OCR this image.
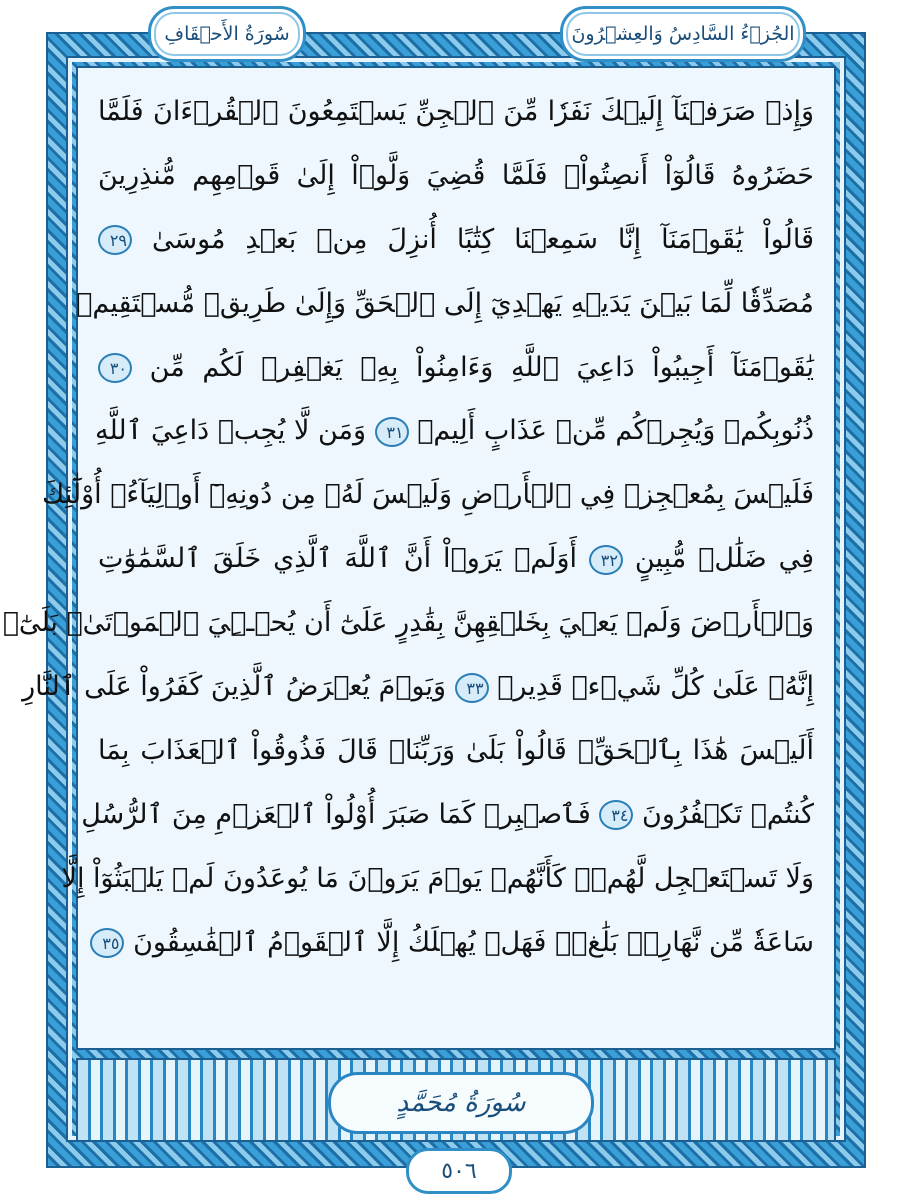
سُورَةُ الأَحۡقَافِ	الجُزۡءُ السَّادِسُ وَالعِشۡرُونَ
وَإِذۡ صَرَفۡنَآ إِلَيۡكَ نَفَرٗا مِّنَ ٱلۡجِنِّ يَسۡتَمِعُونَ ٱلۡقُرۡءَانَ فَلَمَّا
حَضَرُوهُ قَالُوٓاْ أَنصِتُواْۖ فَلَمَّا قُضِيَ وَلَّوۡاْ إِلَىٰ قَوۡمِهِم مُّنذِرِينَ
قَالُواْ يَٰقَوۡمَنَآ إِنَّا سَمِعۡنَا كِتَٰبًا أُنزِلَ مِنۢ بَعۡدِ مُوسَىٰ ٢٩
مُصَدِّقٗا لِّمَا بَيۡنَ يَدَيۡهِ يَهۡدِيٓ إِلَى ٱلۡحَقِّ وَإِلَىٰ طَرِيقٖ مُّسۡتَقِيمٖ
يَٰقَوۡمَنَآ أَجِيبُواْ دَاعِيَ ٱللَّهِ وَءَامِنُواْ بِهِۦ يَغۡفِرۡ لَكُم مِّن ٣٠
ذُنُوبِكُمۡ وَيُجِرۡكُم مِّنۡ عَذَابٍ أَلِيمٖ ٣١ وَمَن لَّا يُجِبۡ دَاعِيَ ٱللَّهِ
فَلَيۡسَ بِمُعۡجِزٖ فِي ٱلۡأَرۡضِ وَلَيۡسَ لَهُۥ مِن دُونِهِۦٓ أَوۡلِيَآءُۚ أُوْلَٰٓئِكَ
فِي ضَلَٰلٖ مُّبِينٍ ٣٢ أَوَلَمۡ يَرَوۡاْ أَنَّ ٱللَّهَ ٱلَّذِي خَلَقَ ٱلسَّمَٰوَٰتِ
وَٱلۡأَرۡضَ وَلَمۡ يَعۡيَ بِخَلۡقِهِنَّ بِقَٰدِرٍ عَلَىٰٓ أَن يُحۡـِۧيَ ٱلۡمَوۡتَىٰۚ بَلَىٰٓۚ
إِنَّهُۥ عَلَىٰ كُلِّ شَيۡءٖ قَدِيرٞ ٣٣ وَيَوۡمَ يُعۡرَضُ ٱلَّذِينَ كَفَرُواْ عَلَى ٱلنَّارِ
أَلَيۡسَ هَٰذَا بِٱلۡحَقِّۖ قَالُواْ بَلَىٰ وَرَبِّنَاۚ قَالَ فَذُوقُواْ ٱلۡعَذَابَ بِمَا
كُنتُمۡ تَكۡفُرُونَ ٣٤ فَٱصۡبِرۡ كَمَا صَبَرَ أُوْلُواْ ٱلۡعَزۡمِ مِنَ ٱلرُّسُلِ
وَلَا تَسۡتَعۡجِل لَّهُمۡۚ كَأَنَّهُمۡ يَوۡمَ يَرَوۡنَ مَا يُوعَدُونَ لَمۡ يَلۡبَثُوٓاْ إِلَّا
سَاعَةٗ مِّن نَّهَارِۭۚ بَلَٰغٞۚ فَهَلۡ يُهۡلَكُ إِلَّا ٱلۡقَوۡمُ ٱلۡفَٰسِقُونَ ٣٥
سُورَةُ مُحَمَّدٍ
٥٠٦
